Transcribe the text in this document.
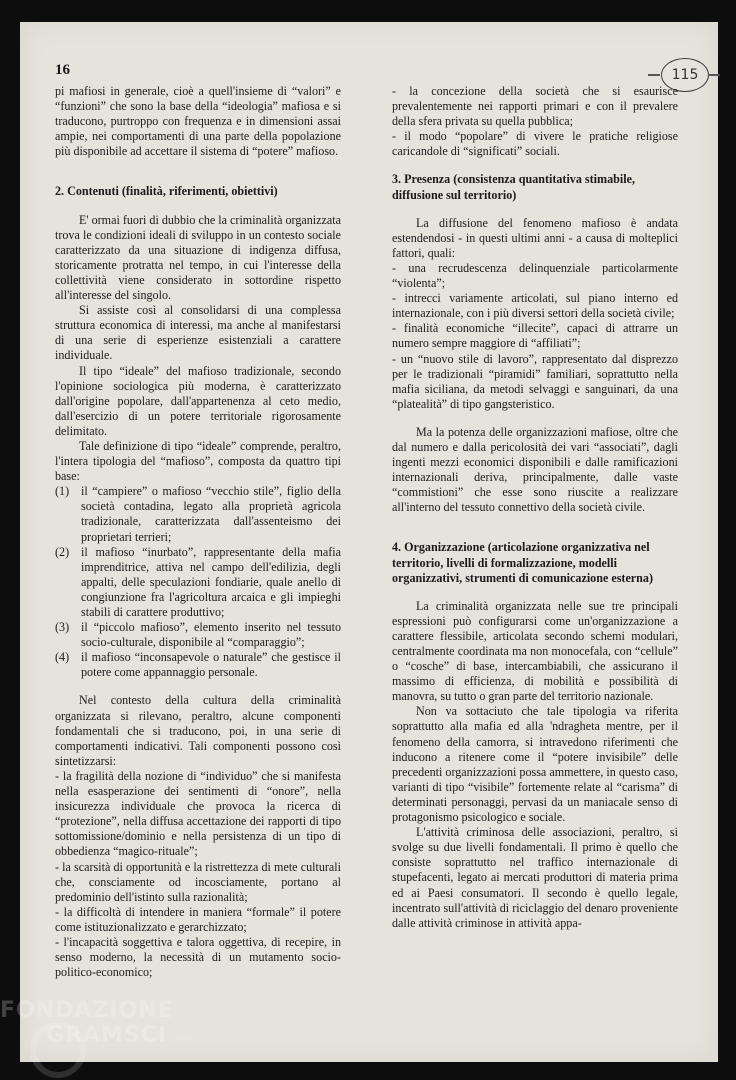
115
16

pi mafiosi in generale, cioè a quell'insieme di “valori” e “funzioni” che sono la base della “ideologia” mafiosa e si traducono, purtroppo con frequenza e in dimensioni assai ampie, nei comportamenti di una parte della popolazione più disponibile ad accettare il sistema di “potere” mafioso.

2. Contenuti (finalità, riferimenti, obiettivi)

E' ormai fuori di dubbio che la criminalità organizzata trova le condizioni ideali di sviluppo in un contesto sociale caratterizzato da una situazione di indigenza diffusa, storicamente protratta nel tempo, in cui l'interesse della collettività viene considerato in sottordine rispetto all'interesse del singolo.

Si assiste così al consolidarsi di una complessa struttura economica di interessi, ma anche al manifestarsi di una serie di esperienze esistenziali a carattere individuale.

Il tipo “ideale” del mafioso tradizionale, secondo l'opinione sociologica più moderna, è caratterizzato dall'origine popolare, dall'appartenenza al ceto medio, dall'esercizio di un potere territoriale rigorosamente delimitato.

Tale definizione di tipo “ideale” comprende, peraltro, l'intera tipologia del “mafioso”, composta da quattro tipi base:

(1) il “campiere” o mafioso “vecchio stile”, figlio della società contadina, legato alla proprietà agricola tradizionale, caratterizzata dall'assenteismo dei proprietari terrieri;
(2) il mafioso “inurbato”, rappresentante della mafia imprenditrice, attiva nel campo dell'edilizia, degli appalti, delle speculazioni fondiarie, quale anello di congiunzione fra l'agricoltura arcaica e gli impieghi stabili di carattere produttivo;
(3) il “piccolo mafioso”, elemento inserito nel tessuto socio-culturale, disponibile al “comparaggio”;
(4) il mafioso “inconsapevole o naturale” che gestisce il potere come appannaggio personale.

Nel contesto della cultura della criminalità organizzata si rilevano, peraltro, alcune componenti fondamentali che si traducono, poi, in una serie di comportamenti indicativi. Tali componenti possono così sintetizzarsi:

- la fragilità della nozione di “individuo” che si manifesta nella esasperazione dei sentimenti di “onore”, nella insicurezza individuale che provoca la ricerca di “protezione”, nella diffusa accettazione dei rapporti di tipo sottomissione/dominio e nella persistenza di un tipo di obbedienza “magico-rituale”;

- la scarsità di opportunità e la ristrettezza di mete culturali che, consciamente od incosciamente, portano al predominio dell'istinto sulla razionalità;

- la difficoltà di intendere in maniera “formale” il potere come istituzionalizzato e gerarchizzato;

- l'incapacità soggettiva e talora oggettiva, di recepire, in senso moderno, la necessità di un mutamento socio-politico-economico;

- la concezione della società che si esaurisce prevalentemente nei rapporti primari e con il prevalere della sfera privata su quella pubblica;

- il modo “popolare” di vivere le pratiche religiose caricandole di “significati” sociali.

3. Presenza (consistenza quantitativa stimabile, diffusione sul territorio)

La diffusione del fenomeno mafioso è andata estendendosi - in questi ultimi anni - a causa di molteplici fattori, quali:

- una recrudescenza delinquenziale particolarmente “violenta”;

- intrecci variamente articolati, sul piano interno ed internazionale, con i più diversi settori della società civile;

- finalità economiche “illecite”, capaci di attrarre un numero sempre maggiore di “affiliati”;

- un “nuovo stile di lavoro”, rappresentato dal disprezzo per le tradizionali “piramidi” familiari, soprattutto nella mafia siciliana, da metodi selvaggi e sanguinari, da una “platealità” di tipo gangsteristico.

Ma la potenza delle organizzazioni mafiose, oltre che dal numero e dalla pericolosità dei vari “associati”, dagli ingenti mezzi economici disponibili e dalle ramificazioni internazionali deriva, principalmente, dalle vaste “commistioni” che esse sono riuscite a realizzare all'interno del tessuto connettivo della società civile.

4. Organizzazione (articolazione organizzativa nel territorio, livelli di formalizzazione, modelli organizzativi, strumenti di comunicazione esterna)

La criminalità organizzata nelle sue tre principali espressioni può configurarsi come un'organizzazione a carattere flessibile, articolata secondo schemi modulari, centralmente coordinata ma non monocefala, con “cellule” o “cosche” di base, intercambiabili, che assicurano il massimo di efficienza, di mobilità e possibilità di manovra, su tutto o gran parte del territorio nazionale.

Non va sottaciuto che tale tipologia va riferita soprattutto alla mafia ed alla 'ndragheta mentre, per il fenomeno della camorra, si intravedono riferimenti che inducono a ritenere come il “potere invisibile” delle precedenti organizzazioni possa ammettere, in questo caso, varianti di tipo “visibile” fortemente relate al “carisma” di determinati personaggi, pervasi da un maniacale senso di protagonismo psicologico e sociale.

L'attività criminosa delle associazioni, peraltro, si svolge su due livelli fondamentali. Il primo è quello che consiste soprattutto nel traffico internazionale di stupefacenti, legato ai mercati produttori di materia prima ed ai Paesi consumatori. Il secondo è quello legale, incentrato sull'attività di riciclaggio del denaro proveniente dalle attività criminose in attività appa-

FONDAZIONE
GRAMSCI onlus
